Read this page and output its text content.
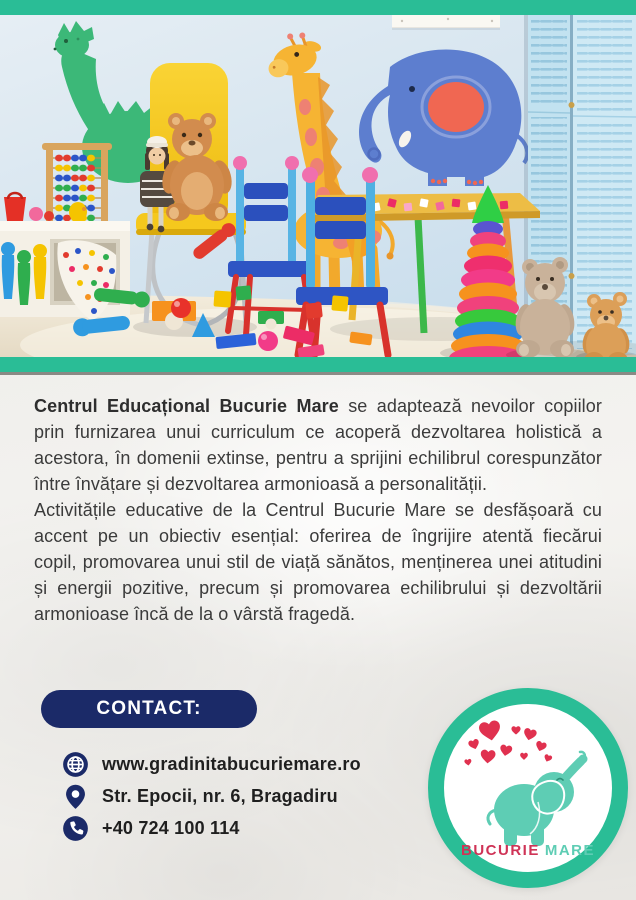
Centrul Educațional Bucurie Mare se adaptează nevoilor copiilor prin furnizarea unui curriculum ce acoperă dezvoltarea holistică a acestora, în domenii extinse, pentru a sprijini echilibrul corespunzător între învățare și dezvoltarea armonioasă a personalității.

Activitățile educative de la Centrul Bucurie Mare se desfășoară cu accent pe un obiectiv esențial: oferirea de îngrijire atentă fiecărui copil, promovarea unui stil de viață sănătos, menținerea unei atitudini și energii pozitive, precum și promovarea echilibrului și dezvoltării armonioase încă de la o vârstă fragedă.

CONTACT:
www.gradinitabucuriemare.ro
Str. Epocii, nr. 6, Bragadiru
+40 724 100 114
BUCURIE MARE
